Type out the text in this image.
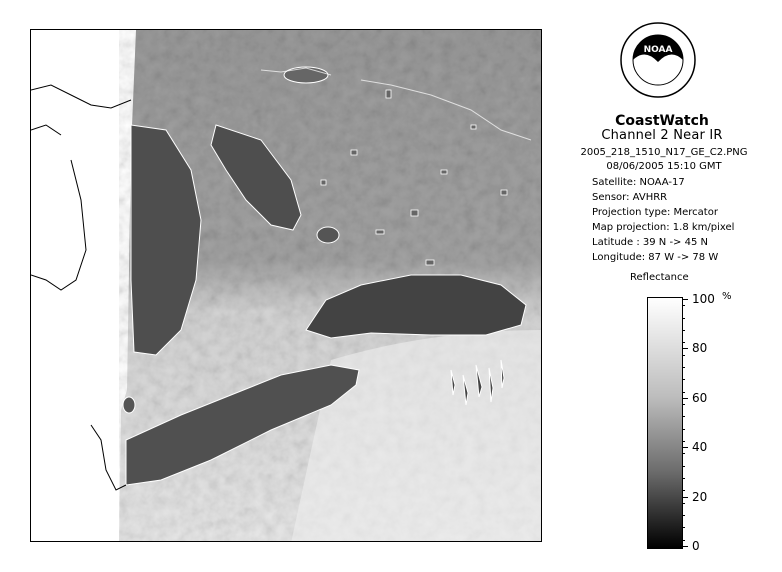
NOAA
CoastWatch
Channel 2 Near IR
2005_218_1510_N17_GE_C2.PNG
08/06/2005 15:10 GMT
Satellite: NOAA-17
Sensor: AVHRR
Projection type: Mercator
Map projection: 1.8 km/pixel
Latitude : 39 N -> 45 N
Longitude: 87 W -> 78 W
Reflectance
%
100
80
60
40
20
0
